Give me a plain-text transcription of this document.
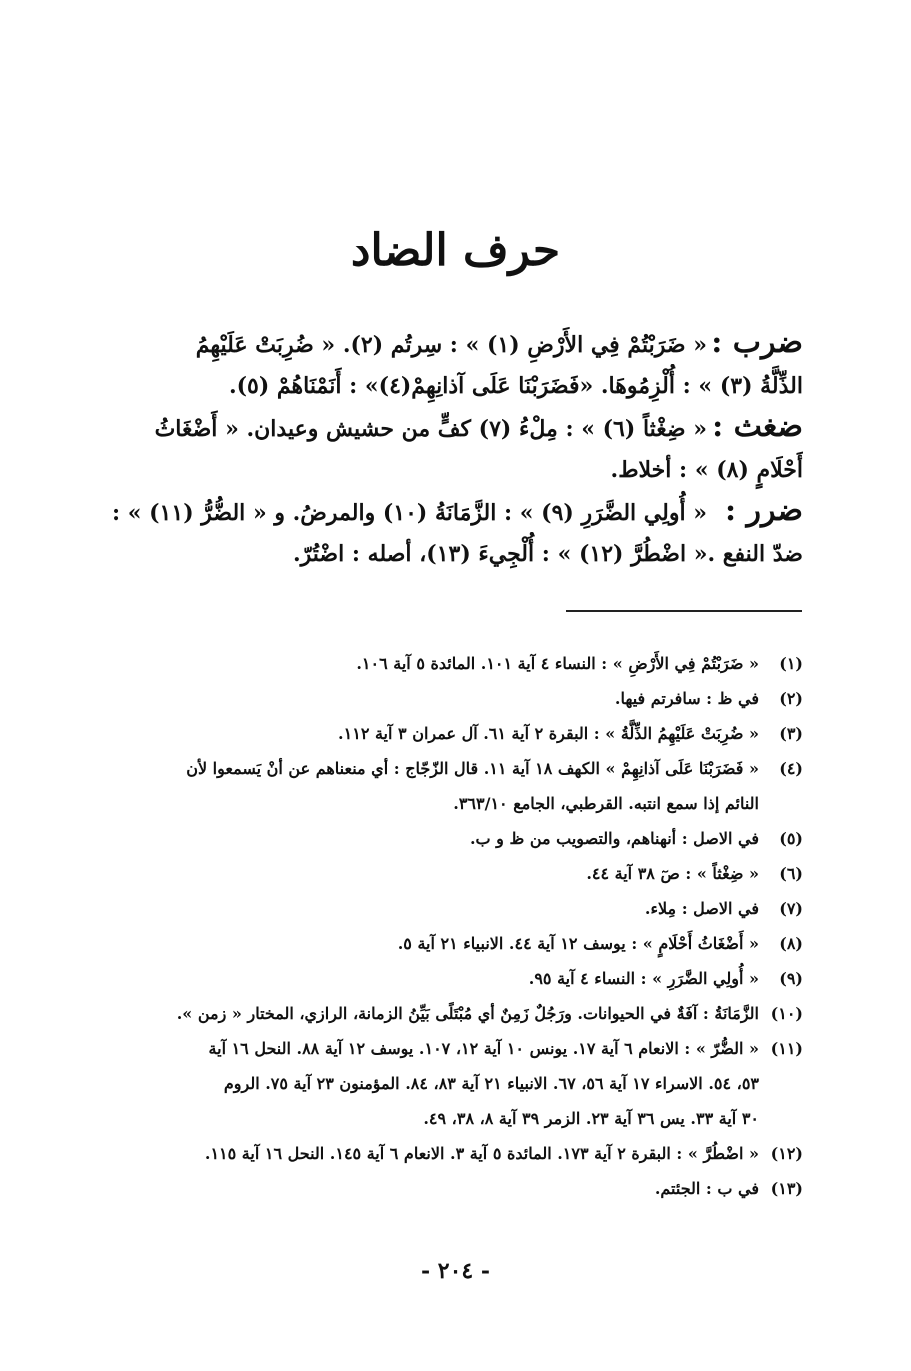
حرف الضاد
ضرب :« ضَرَبْتُمْ فِي الأَرْضِ (١) » : سِرتُم (٢). « ضُرِبَتْ عَلَيْهِمُ
الذِّلَّةُ (٣) » : أُلْزِمُوهَا. «فَضَرَبْنَا عَلَى آذانِهِمْ(٤)» : أَنَمْنَاهُمْ (٥).
ضغث :« ضِغْثاً (٦) » : مِلْءُ (٧) كفٍّ من حشيش وعيدان. « أَضْغَاثُ
أَحْلَامٍ (٨) » : أخلاط.
ضرر :« أُولِي الضَّرَرِ (٩) » : الزَّمَانَةُ (١٠) والمرضُ. و « الضُّرُّ (١١) » :
ضدّ النفع .« اضْطُرَّ (١٢) » : أُلْجِيءَ (١٣)، أصله : اضْتُرّ.
(١)« ضَرَبْتُمْ فِي الأَرْضِ » : النساء ٤ آية ١٠١. المائدة ٥ آية ١٠٦.
(٢)في ظ : سافرتم فيها.
(٣)« ضُرِبَتْ عَلَيْهِمُ الذِّلَّةُ » : البقرة ٢ آية ٦١. آل عمران ٣ آية ١١٢.
(٤)« فَضَرَبْنَا عَلَى آذانِهِمْ » الكهف ١٨ آية ١١. قال الزّجّاج : أي منعناهم عن أنْ يَسمعوا لأن
النائم إذا سمع انتبه. القرطبي، الجامع ٣٦٣/١٠.
(٥)في الاصل : أنهناهم، والتصويب من ظ و ب.
(٦)« ضِغْثاً » : صٓ ٣٨ آية ٤٤.
(٧)في الاصل : مِلاء.
(٨)« أَضْغَاثُ أَحْلَامٍ » : يوسف ١٢ آية ٤٤. الانبياء ٢١ آية ٥.
(٩)« أُولِي الضَّرَرِ » : النساء ٤ آية ٩٥.
(١٠)الزَّمَانَةُ : آفَةٌ في الحيوانات. ورَجُلٌ زَمِنٌ أي مُبْتَلًى بَيِّنُ الزمانة، الرازي، المختار « زمن ».
(١١)« الضُّرّ » : الانعام ٦ آية ١٧. يونس ١٠ آية ١٢، ١٠٧. يوسف ١٢ آية ٨٨. النحل ١٦ آية
٥٣، ٥٤. الاسراء ١٧ آية ٥٦، ٦٧. الانبياء ٢١ آية ٨٣، ٨٤. المؤمنون ٢٣ آية ٧٥. الروم
٣٠ آية ٣٣. يس ٣٦ آية ٢٣. الزمر ٣٩ آية ٨، ٣٨، ٤٩.
(١٢)« اضْطُرَّ » : البقرة ٢ آية ١٧٣. المائدة ٥ آية ٣. الانعام ٦ آية ١٤٥. النحل ١٦ آية ١١٥.
(١٣)في ب : الجئتم.
- ٢٠٤ -
